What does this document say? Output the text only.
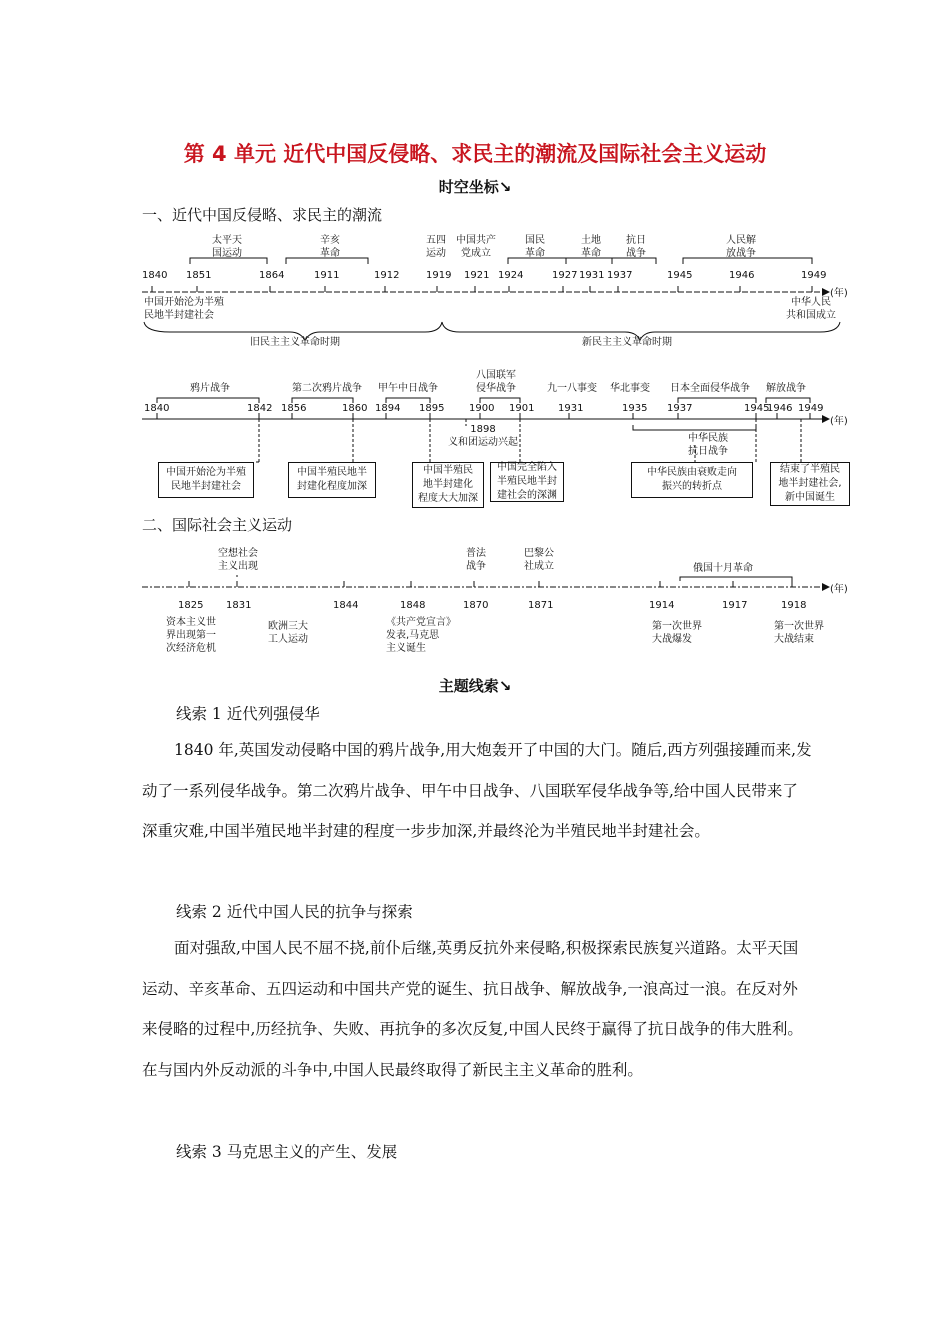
第 4 单元 近代中国反侵略、求民主的潮流及国际社会主义运动
时空坐标↘
一、近代中国反侵略、求民主的潮流
太平天
国运动
辛亥
革命
五四
运动
中国共产
党成立
国民
革命
土地
革命
抗日
战争
人民解
放战争
1840 1851	1864	1911	1912	1919 1921 1924	1927 1931 1937	1945	1946	1949
(年)
中国开始沦为半殖
民地半封建社会
中华人民
共和国成立
旧民主主义革命时期	新民主主义革命时期
鸦片战争	第二次鸦片战争 甲午中日战争
八国联军
侵华战争	九一八事变 华北事变 日本全面侵华战争 解放战争
1840	1842 1856	1860 1894 1895 1900 1901 1931	1935 1937	1945
1946 1949
(年)
1898
义和团运动兴起	中华民族
抗日战争
中国开始沦为半殖
民地半封建社会
中国半殖民地半
封建化程度加深
中国半殖民
地半封建化
程度大大加深
中国完全陷入
半殖民地半封
建社会的深渊
中华民族由衰败走向
振兴的转折点
结束了半殖民
地半封建社会,
新中国诞生
二、国际社会主义运动
空想社会
主义出现
普法
战争
巴黎公
社成立	俄国十月革命
1825 1831	1844	1848	1870	1871	1914	1917	1918
(年)
资本主义世
界出现第一
次经济危机
欧洲三大
工人运动
《共产党宣言》
发表,马克思
主义诞生
第一次世界
大战爆发
第一次世界
大战结束
主题线索↘
线索 1 近代列强侵华

1840 年,英国发动侵略中国的鸦片战争,用大炮轰开了中国的大门。随后,西方列强接踵而来,发动了一系列侵华战争。第二次鸦片战争、甲午中日战争、八国联军侵华战争等,给中国人民带来了深重灾难,中国半殖民地半封建的程度一步步加深,并最终沦为半殖民地半封建社会。

线索 2 近代中国人民的抗争与探索

面对强敌,中国人民不屈不挠,前仆后继,英勇反抗外来侵略,积极探索民族复兴道路。太平天国运动、辛亥革命、五四运动和中国共产党的诞生、抗日战争、解放战争,一浪高过一浪。在反对外来侵略的过程中,历经抗争、失败、再抗争的多次反复,中国人民终于赢得了抗日战争的伟大胜利。在与国内外反动派的斗争中,中国人民最终取得了新民主主义革命的胜利。

线索 3 马克思主义的产生、发展
